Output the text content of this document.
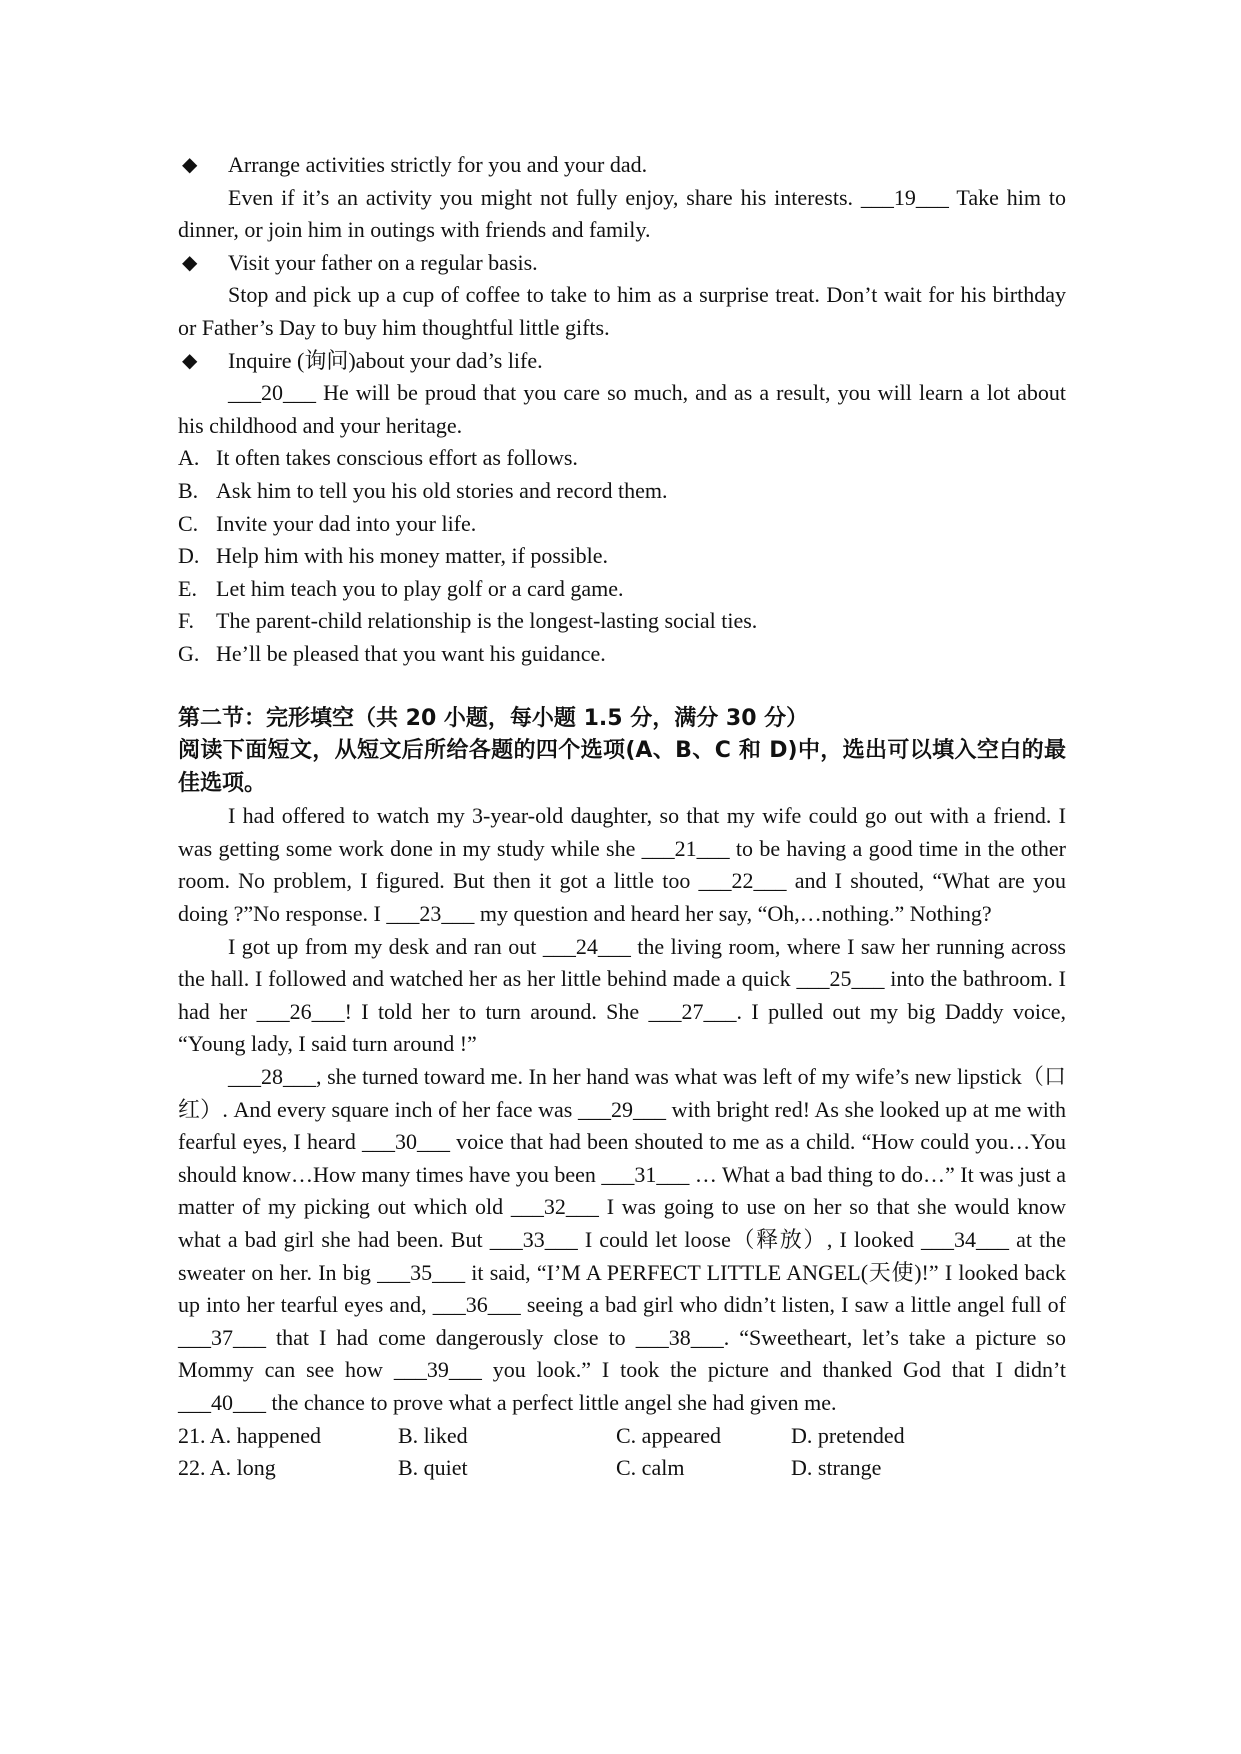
◆ Arrange activities strictly for you and your dad.

Even if it’s an activity you might not fully enjoy, share his interests. ___19___ Take him to dinner, or join him in outings with friends and family.

◆ Visit your father on a regular basis.

Stop and pick up a cup of coffee to take to him as a surprise treat. Don’t wait for his birthday or Father’s Day to buy him thoughtful little gifts.

◆ Inquire (询问)about your dad’s life.

___20___ He will be proud that you care so much, and as a result, you will learn a lot about his childhood and your heritage.

A. It often takes conscious effort as follows.

B. Ask him to tell you his old stories and record them.

C. Invite your dad into your life.

D. Help him with his money matter, if possible.

E. Let him teach you to play golf or a card game.

F. The parent-child relationship is the longest-lasting social ties.

G. He’ll be pleased that you want his guidance.

第二节：完形填空（共 20 小题，每小题 1.5 分，满分 30 分）

阅读下面短文，从短文后所给各题的四个选项(A、B、C 和 D)中，选出可以填入空白的最佳选项。

I had offered to watch my 3-year-old daughter, so that my wife could go out with a friend. I was getting some work done in my study while she ___21___ to be having a good time in the other room. No problem, I figured. But then it got a little too ___22___ and I shouted, “What are you doing ?”No response. I ___23___ my question and heard her say, “Oh,…nothing.” Nothing?

I got up from my desk and ran out ___24___ the living room, where I saw her running across the hall. I followed and watched her as her little behind made a quick ___25___ into the bathroom. I had her ___26___! I told her to turn around. She ___27___. I pulled out my big Daddy voice, “Young lady, I said turn around !”

___28___, she turned toward me. In her hand was what was left of my wife’s new lipstick（口红）. And every square inch of her face was ___29___ with bright red! As she looked up at me with fearful eyes, I heard ___30___ voice that had been shouted to me as a child. “How could you…You should know…How many times have you been ___31___ … What a bad thing to do…” It was just a matter of my picking out which old ___32___ I was going to use on her so that she would know what a bad girl she had been. But ___33___ I could let loose（释放）, I looked ___34___ at the sweater on her. In big ___35___ it said, “I’M A PERFECT LITTLE ANGEL(天使)!” I looked back up into her tearful eyes and, ___36___ seeing a bad girl who didn’t listen, I saw a little angel full of ___37___ that I had come dangerously close to ___38___. “Sweetheart, let’s take a picture so Mommy can see how ___39___ you look.” I took the picture and thanked God that I didn’t ___40___ the chance to prove what a perfect little angel she had given me.

21. A. happened	B. liked	C. appeared	D. pretended
22. A. long	B. quiet	C. calm	D. strange
